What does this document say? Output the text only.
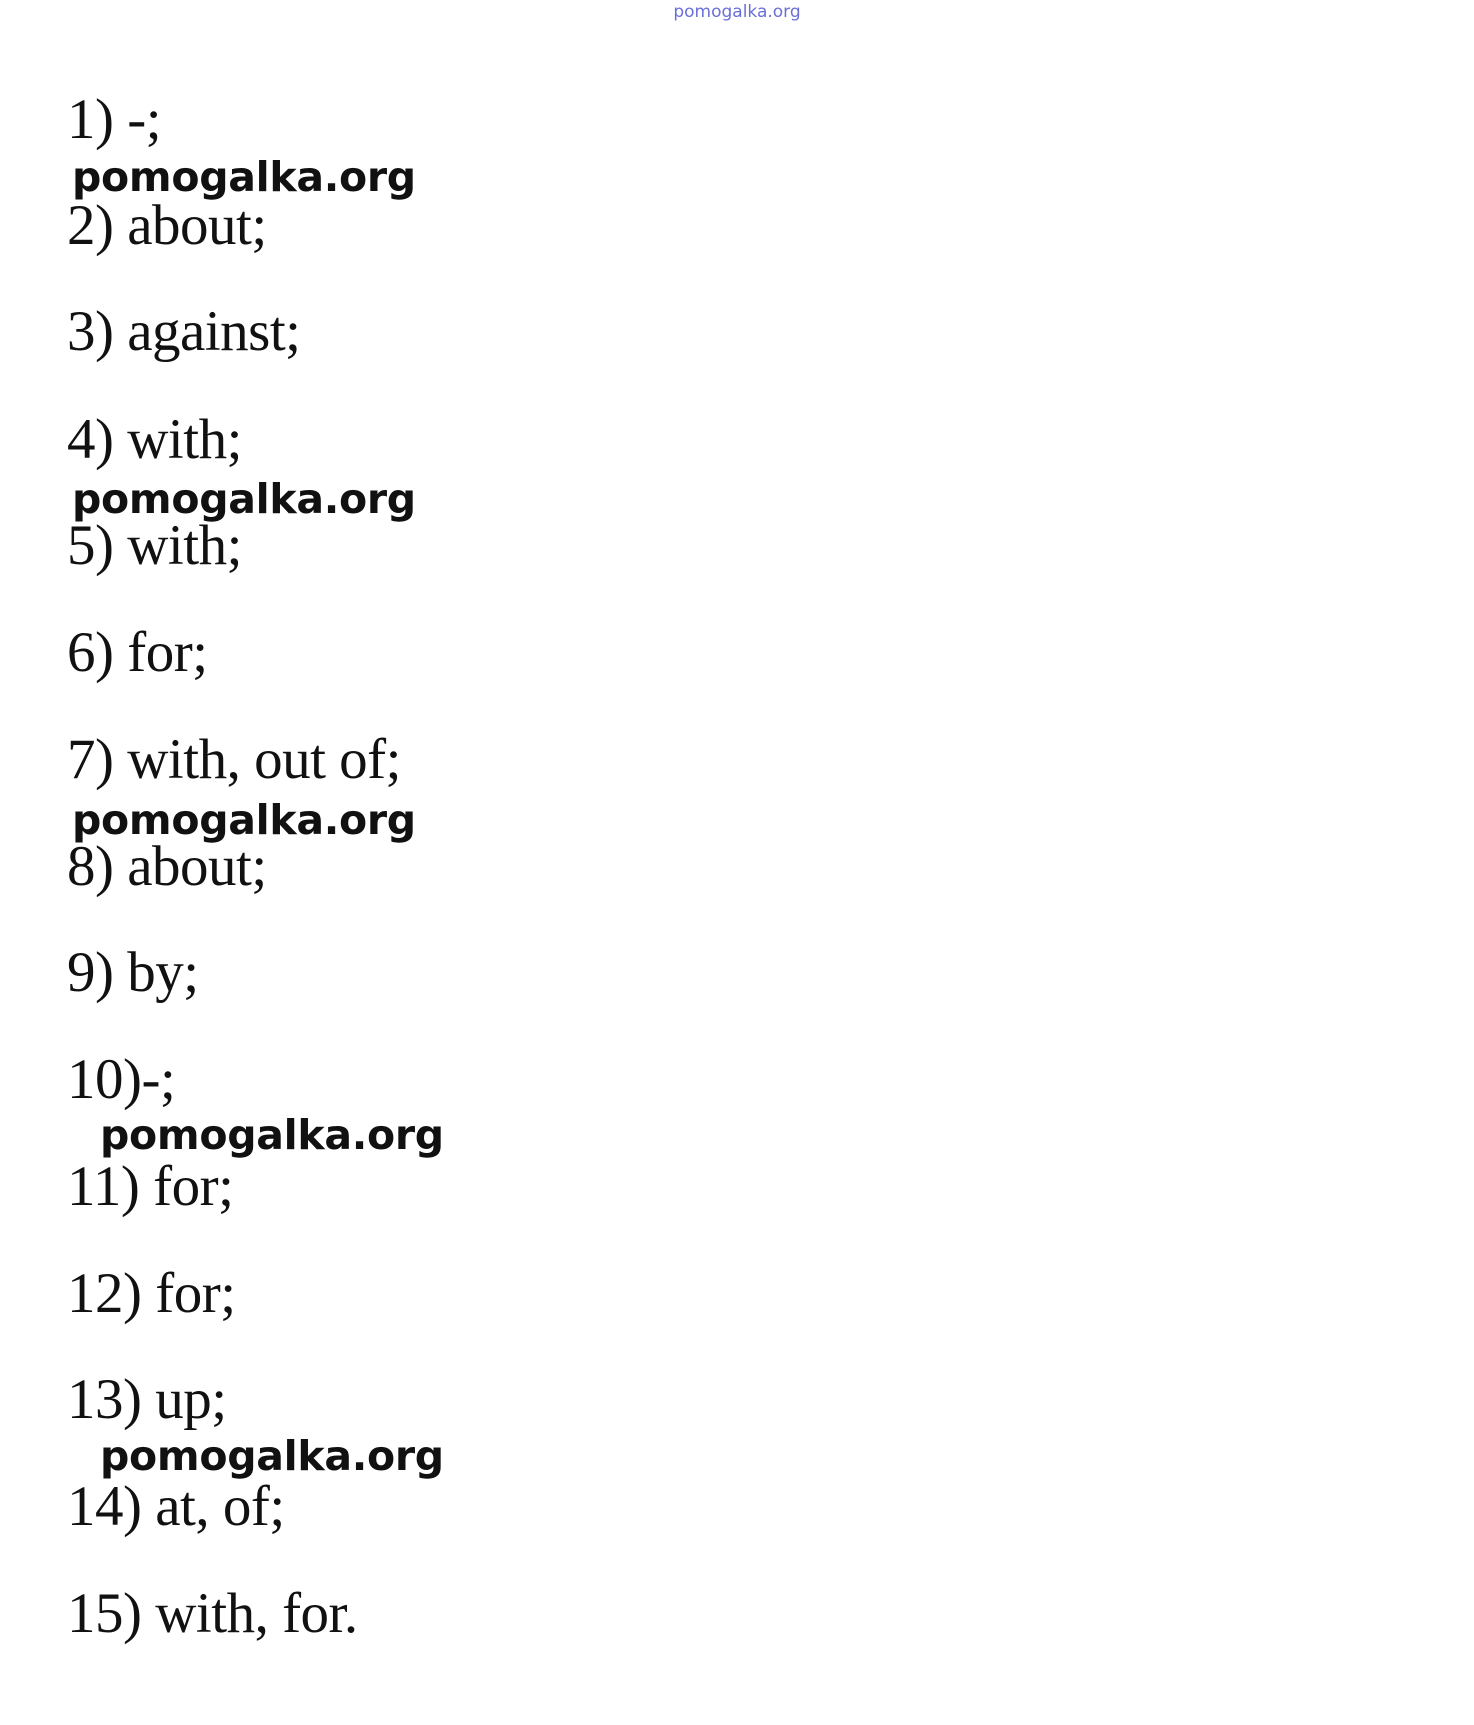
pomogalka.org
1) -;
pomogalka.org
2) about;
3) against;
4) with;
pomogalka.org
5) with;
6) for;
7) with, out of;
pomogalka.org
8) about;
9) by;
10)-;
pomogalka.org
11) for;
12) for;
13) up;
pomogalka.org
14) at, of;
15) with, for.
